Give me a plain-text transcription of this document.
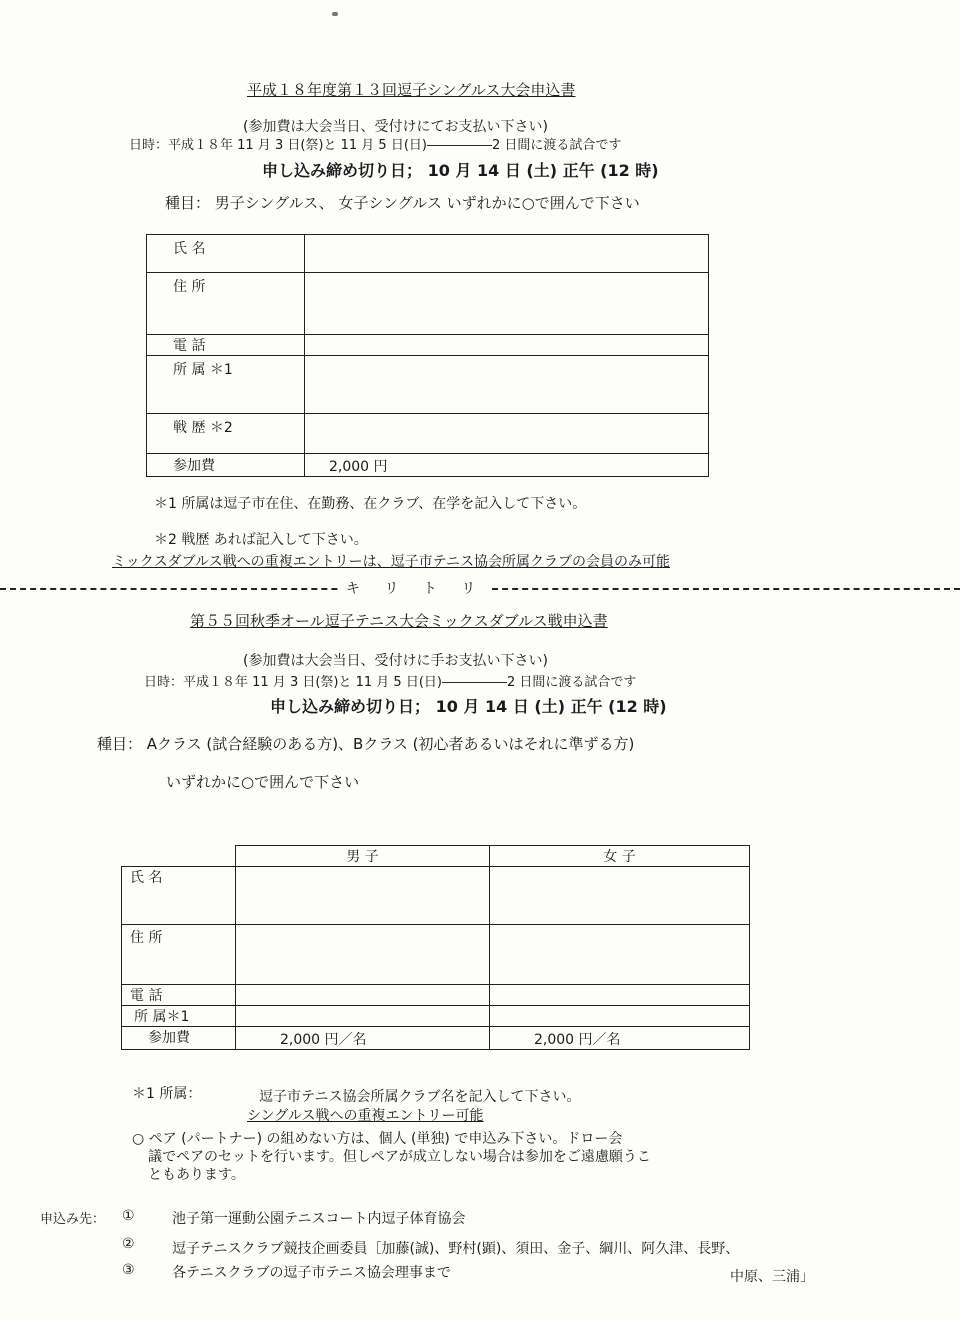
平成１８年度第１３回逗子シングルス大会申込書
(参加費は大会当日、受付けにてお支払い下さい)
日時：平成１８年 11 月 3 日(祭)と 11 月 5 日(日)―――――2 日間に渡る試合です
申し込み締め切り日； 10 月 14 日 (土) 正午 (12 時)
種目： 男子シングルス、 女子シングルス いずれかに○で囲んで下さい
氏 名	
住 所	
電 話	
所 属 ＊1	
戦 歴 ＊2	
参加費	2,000 円
＊1 所属は逗子市在住、在勤務、在クラブ、在学を記入して下さい。
＊2 戦歴 あれば記入して下さい。
ミックスダブルス戦への重複エントリーは、逗子市テニス協会所属クラブの会員のみ可能
キ リ ト リ
第５５回秋季オール逗子テニス大会ミックスダブルス戦申込書
(参加費は大会当日、受付けに手お支払い下さい)
日時：平成１８年 11 月 3 日(祭)と 11 月 5 日(日)―――――2 日間に渡る試合です
申し込み締め切り日； 10 月 14 日 (土) 正午 (12 時)
種目： Aクラス (試合経験のある方)、Bクラス (初心者あるいはそれに準ずる方)
いずれかに○で囲んで下さい
	男 子	女 子
氏 名		
住 所		
電 話		
所 属＊1		
参加費	2,000 円／名	2,000 円／名
＊1 所属：	逗子市テニス協会所属クラブ名を記入して下さい。
シングルス戦への重複エントリー可能
○ ペア (パートナー) の組めない方は、個人 (単独) で申込み下さい。ドロー会
議でペアのセットを行います。但しペアが成立しない場合は参加をご遠慮願うこ
ともあります。
申込み先： ①	池子第一運動公園テニスコート内逗子体育協会
②	逗子テニスクラブ競技企画委員［加藤(誠)、野村(顕)、須田、金子、綱川、阿久津、長野、
③	各テニスクラブの逗子市テニス協会理事まで	中原、三浦」
